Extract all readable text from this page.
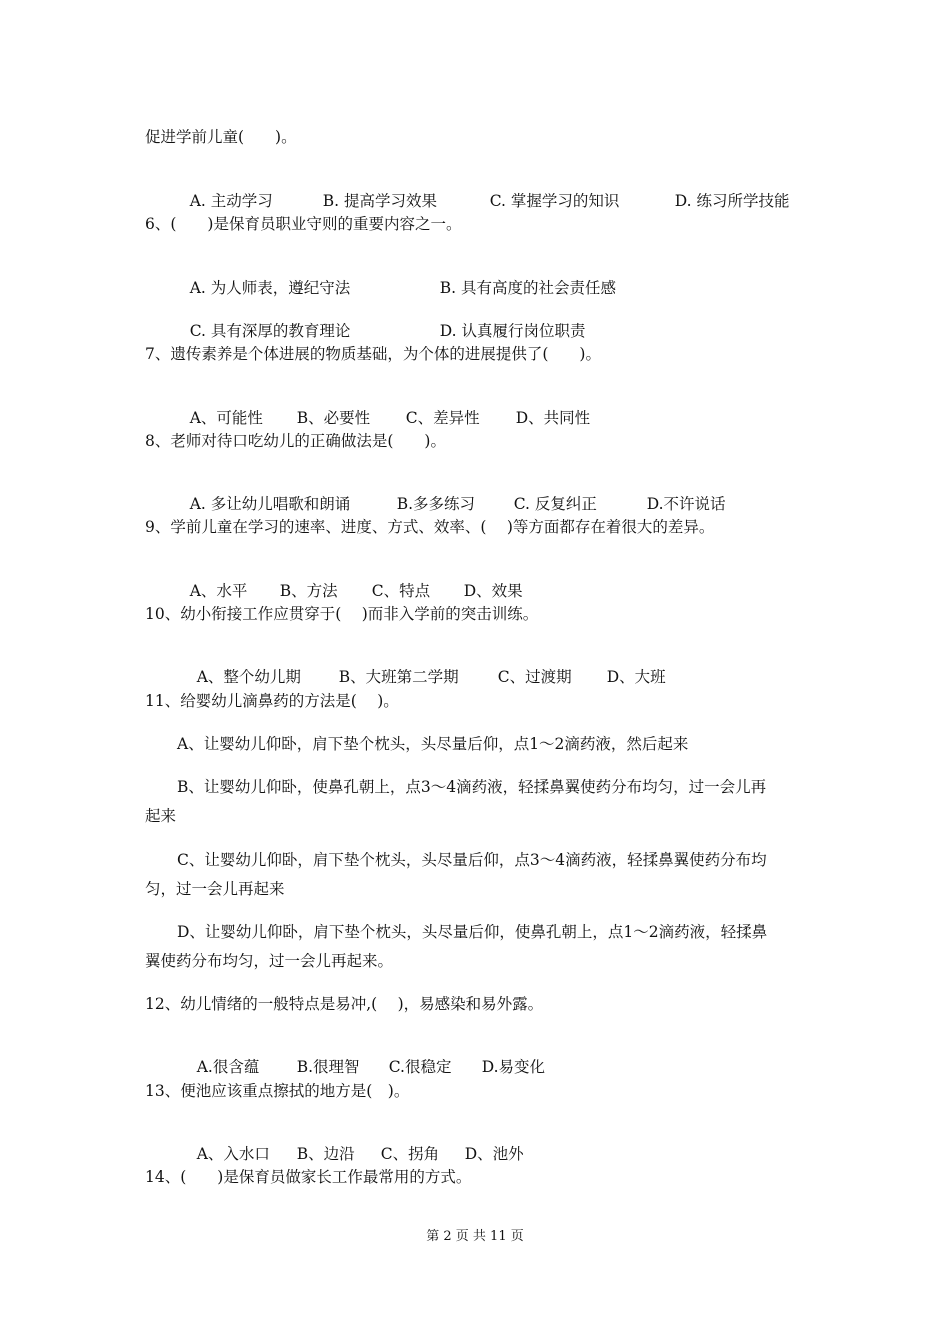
促进学前儿童(　　)。

A. 主动学习	B. 提高学习效果	C. 掌握学习的知识	D. 练习所学技能

6、(　　)是保育员职业守则的重要内容之一。

A. 为人师表，遵纪守法	B. 具有高度的社会责任感

C. 具有深厚的教育理论	D. 认真履行岗位职责

7、遗传素养是个体进展的物质基础，为个体的进展提供了(　　)。

A、可能性 B、必要性 C、差异性 D、共同性

8、老师对待口吃幼儿的正确做法是(　　)。

A. 多让幼儿唱歌和朗诵	B.多多练习 C. 反复纠正	D.不许说话

9、学前儿童在学习的速率、进度、方式、效率、( 　)等方面都存在着很大的差异。

A、水平 B、方法 C、特点 D、效果

10、幼小衔接工作应贯穿于(　 )而非入学前的突击训练。

A、整个幼儿期 B、大班第二学期	C、过渡期 D、大班

11、给婴幼儿滴鼻药的方法是(　 )。
A、让婴幼儿仰卧，肩下垫个枕头，头尽量后仰，点1～2滴药液，然后起来
B、让婴幼儿仰卧，使鼻孔朝上，点3～4滴药液，轻揉鼻翼使药分布均匀，过一会儿再
起来
C、让婴幼儿仰卧，肩下垫个枕头，头尽量后仰，点3～4滴药液，轻揉鼻翼使药分布均
匀，过一会儿再起来
D、让婴幼儿仰卧，肩下垫个枕头，头尽量后仰，使鼻孔朝上，点1～2滴药液，轻揉鼻
翼使药分布均匀，过一会儿再起来。
12、幼儿情绪的一般特点是易冲,(　 )，易感染和易外露。

A.很含蕴 B.很理智 C.很稳定 D.易变化

13、便池应该重点擦拭的地方是(　)。

A、入水口 B、边沿 C、拐角 D、池外

14、(　　)是保育员做家长工作最常用的方式。
第 2 页 共 11 页
